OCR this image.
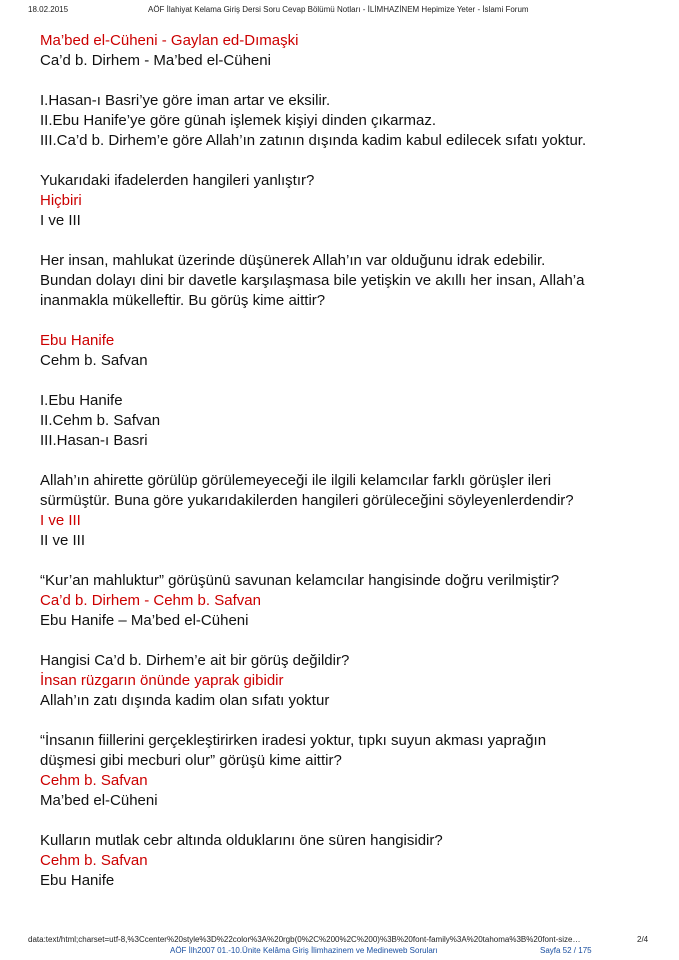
18.02.2015	AÖF İlahiyat Kelama Giriş Dersi Soru Cevap Bölümü Notları - İLİMHAZİNEM Hepimize Yeter - İslami Forum
Ma’bed el-Cüheni - Gaylan ed-Dımaşki
Ca’d b. Dirhem - Ma’bed el-Cüheni
I.Hasan-ı Basri’ye göre iman artar ve eksilir.
II.Ebu Hanife’ye göre günah işlemek kişiyi dinden çıkarmaz.
III.Ca’d b. Dirhem’e göre Allah’ın zatının dışında kadim kabul edilecek sıfatı yoktur.
Yukarıdaki ifadelerden hangileri yanlıştır?
Hiçbiri
I ve III
Her insan, mahlukat üzerinde düşünerek Allah’ın var olduğunu idrak edebilir.
Bundan dolayı dini bir davetle karşılaşmasa bile yetişkin ve akıllı her insan, Allah’a
inanmakla mükelleftir. Bu görüş kime aittir?
Ebu Hanife
Cehm b. Safvan
I.Ebu Hanife
II.Cehm b. Safvan
III.Hasan-ı Basri
Allah’ın ahirette görülüp görülemeyeceği ile ilgili kelamcılar farklı görüşler ileri
sürmüştür. Buna göre yukarıdakilerden hangileri görüleceğini söyleyenlerdendir?
I ve III
II ve III
“Kur’an mahluktur” görüşünü savunan kelamcılar hangisinde doğru verilmiştir?
Ca’d b. Dirhem - Cehm b. Safvan
Ebu Hanife – Ma’bed el-Cüheni
Hangisi Ca’d b. Dirhem’e ait bir görüş değildir?
İnsan rüzgarın önünde yaprak gibidir
Allah’ın zatı dışında kadim olan sıfatı yoktur
“İnsanın fiillerini gerçekleştirirken iradesi yoktur, tıpkı suyun akması yaprağın
düşmesi gibi mecburi olur” görüşü kime aittir?
Cehm b. Safvan
Ma’bed el-Cüheni
Kulların mutlak cebr altında olduklarını öne süren hangisidir?
Cehm b. Safvan
Ebu Hanife
data:text/html;charset=utf-8,%3Ccenter%20style%3D%22color%3A%20rgb(0%2C%200%2C%200)%3B%20font-family%3A%20tahoma%3B%20font-size…	2/4
AÖF İlh2007 01.-10.Ünite Kelâma Giriş İlimhazinem ve Medineweb Soruları	Sayfa 52 / 175
